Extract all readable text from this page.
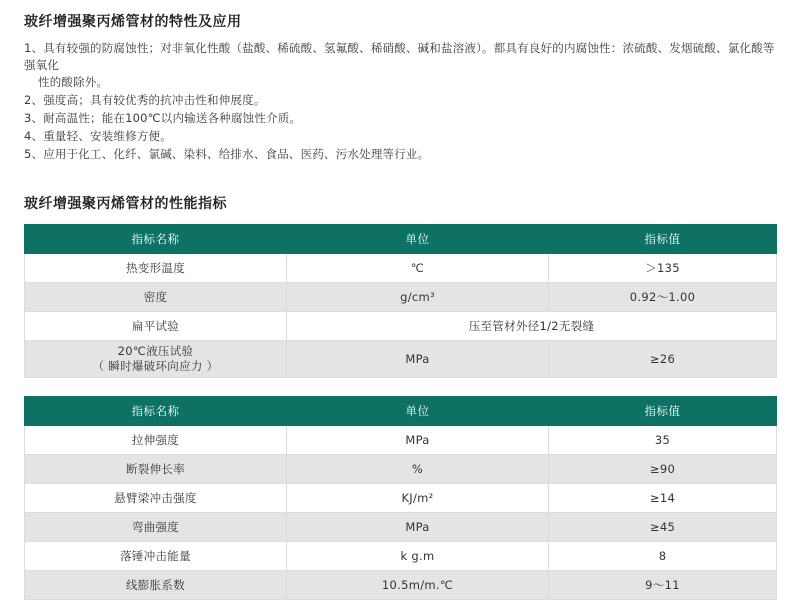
玻纤增强聚丙烯管材的特性及应用
1、具有较强的防腐蚀性；对非氧化性酸（盐酸、稀硫酸、氢氟酸、稀硝酸、碱和盐溶液）。都具有良好的内腐蚀性：浓硫酸、发烟硫酸、氯化酸等强氧化
性的酸除外。
2、强度高；具有较优秀的抗冲击性和伸展度。
3、耐高温性；能在100℃以内输送各种腐蚀性介质。
4、重量轻、安装维修方便。
5、应用于化工、化纤、氯碱、染料、给排水、食品、医药、污水处理等行业。
玻纤增强聚丙烯管材的性能指标
指标名称	单位	指标值
热变形温度	℃	＞135
密度	g/cm³	0.92～1.00
扁平试验	压至管材外径1/2无裂缝	

20℃液压试验
（ 瞬时爆破环向应力 ）	MPa	≥26
指标名称	单位	指标值
拉伸强度	MPa	35
断裂伸长率	%	≥90
悬臂梁冲击强度	KJ/m²	≥14
弯曲强度	MPa	≥45
落锤冲击能量	k g.m	8
线膨胀系数	10.5m/m.℃	9～11
